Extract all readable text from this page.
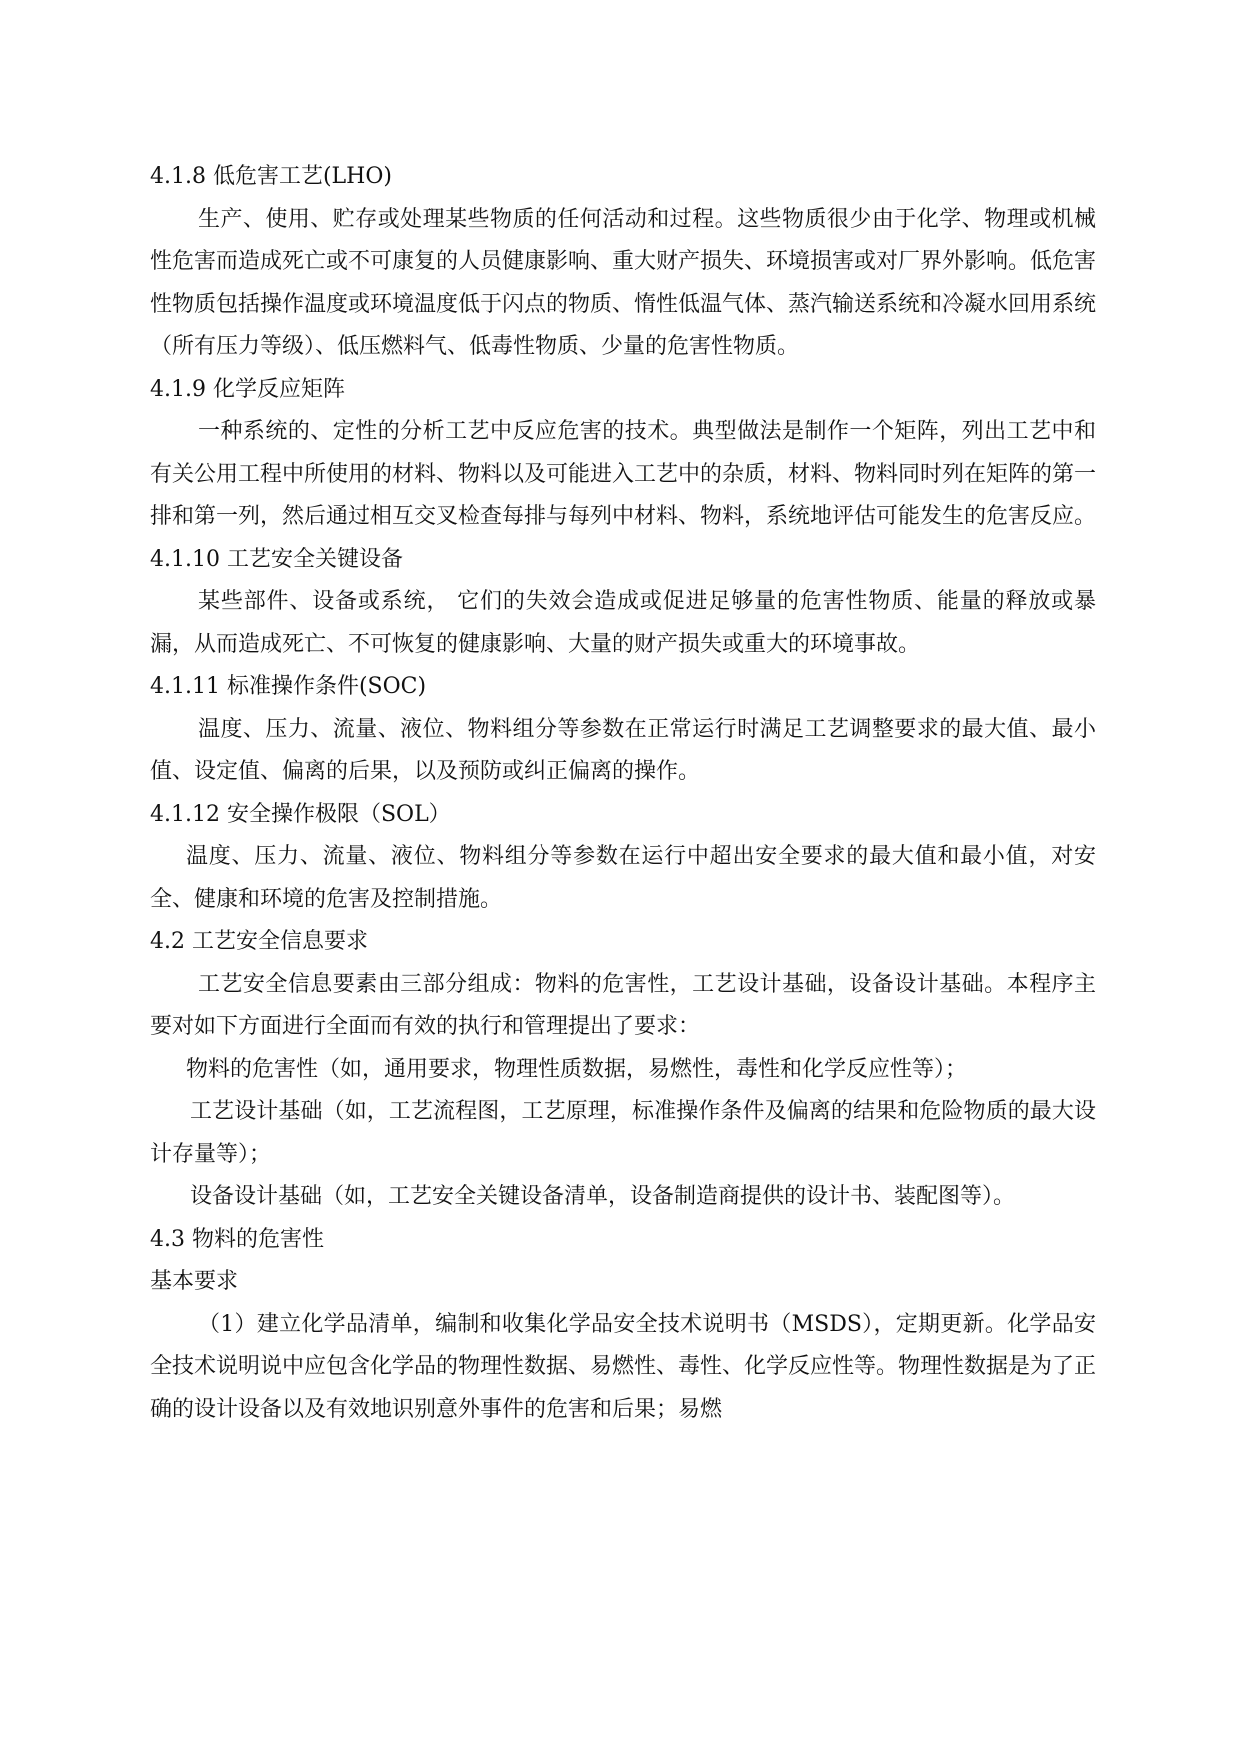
4.1.8 低危害工艺(LHO)
生产、使用、贮存或处理某些物质的任何活动和过程。这些物质很少由于化学、物理或机械性危害而造成死亡或不可康复的人员健康影响、重大财产损失、环境损害或对厂界外影响。低危害性物质包括操作温度或环境温度低于闪点的物质、惰性低温气体、蒸汽输送系统和冷凝水回用系统（所有压力等级）、低压燃料气、低毒性物质、少量的危害性物质。
4.1.9 化学反应矩阵
一种系统的、定性的分析工艺中反应危害的技术。典型做法是制作一个矩阵，列出工艺中和有关公用工程中所使用的材料、物料以及可能进入工艺中的杂质，材料、物料同时列在矩阵的第一排和第一列，然后通过相互交叉检查每排与每列中材料、物料，系统地评估可能发生的危害反应。
4.1.10 工艺安全关键设备
某些部件、设备或系统， 它们的失效会造成或促进足够量的危害性物质、能量的释放或暴漏，从而造成死亡、不可恢复的健康影响、大量的财产损失或重大的环境事故。
4.1.11 标准操作条件(SOC)
温度、压力、流量、液位、物料组分等参数在正常运行时满足工艺调整要求的最大值、最小值、设定值、偏离的后果，以及预防或纠正偏离的操作。
4.1.12 安全操作极限（SOL）
温度、压力、流量、液位、物料组分等参数在运行中超出安全要求的最大值和最小值，对安全、健康和环境的危害及控制措施。
4.2 工艺安全信息要求
工艺安全信息要素由三部分组成：物料的危害性，工艺设计基础，设备设计基础。本程序主要对如下方面进行全面而有效的执行和管理提出了要求：
物料的危害性（如，通用要求，物理性质数据，易燃性，毒性和化学反应性等）；
工艺设计基础（如，工艺流程图，工艺原理，标准操作条件及偏离的结果和危险物质的最大设计存量等）；
设备设计基础（如，工艺安全关键设备清单，设备制造商提供的设计书、装配图等）。
4.3 物料的危害性
基本要求
（1）建立化学品清单，编制和收集化学品安全技术说明书（MSDS），定期更新。化学品安全技术说明说中应包含化学品的物理性数据、易燃性、毒性、化学反应性等。物理性数据是为了正确的设计设备以及有效地识别意外事件的危害和后果；易燃
